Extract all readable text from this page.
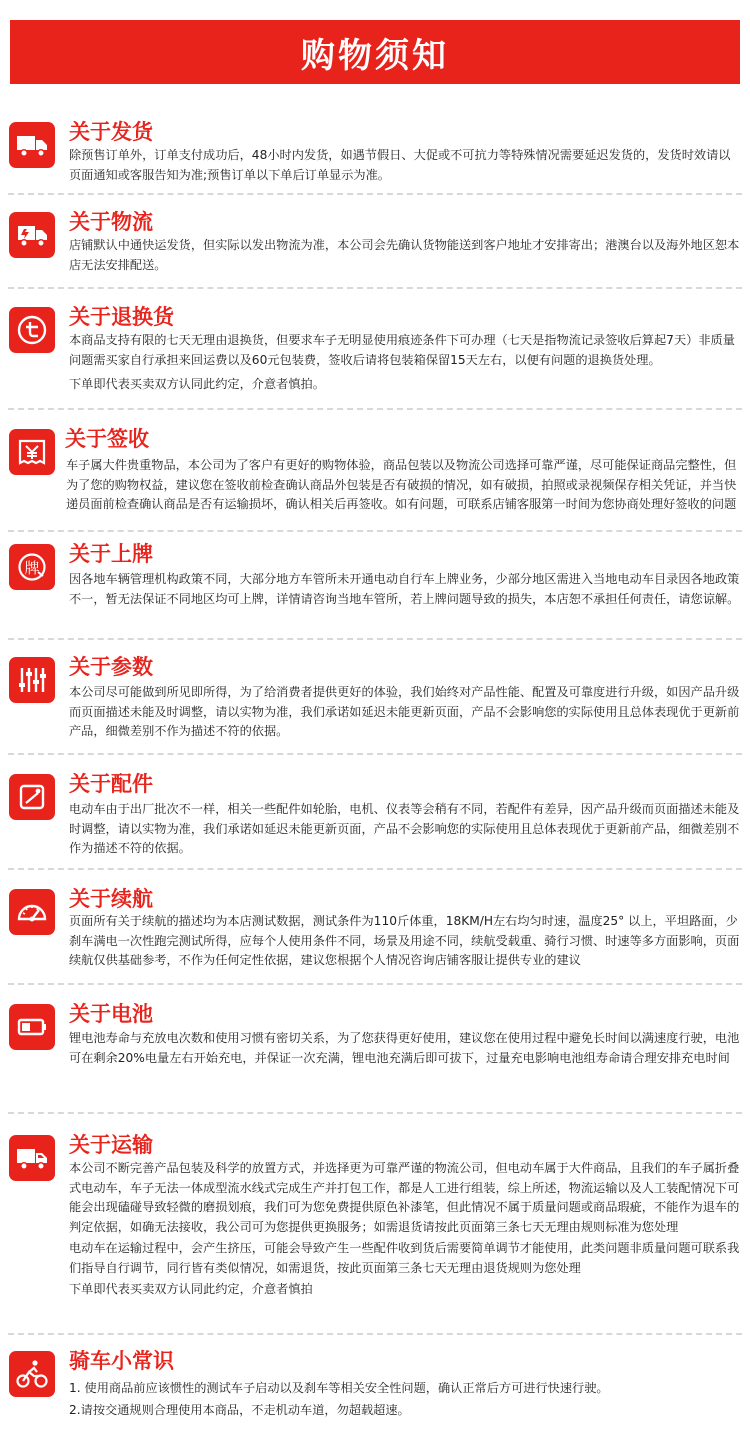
购物须知
关于发货

除预售订单外，订单支付成功后，48小时内发货，如遇节假日、大促或不可抗力等特殊情况需要延迟发货的，发货时效请以页面通知或客服告知为准;预售订单以下单后订单显示为准。

关于物流

店铺默认中通快运发货，但实际以发出物流为准，本公司会先确认货物能送到客户地址才安排寄出；港澳台以及海外地区恕本店无法安排配送。

关于退换货

本商品支持有限的七天无理由退换货，但要求车子无明显使用痕迹条件下可办理（七天是指物流记录签收后算起7天）非质量问题需买家自行承担来回运费以及60元包装费，签收后请将包装箱保留15天左右，以便有问题的退换货处理。

下单即代表买卖双方认同此约定，介意者慎拍。

关于签收

车子属大件贵重物品，本公司为了客户有更好的购物体验，商品包装以及物流公司选择可靠严谨，尽可能保证商品完整性，但为了您的购物权益，建议您在签收前检查确认商品外包装是否有破损的情况，如有破损，拍照或录视频保存相关凭证，并当快递员面前检查确认商品是否有运输损坏，确认相关后再签收。如有问题，可联系店铺客服第一时间为您协商处理好签收的问题

牌
关于上牌

因各地车辆管理机构政策不同，大部分地方车管所未开通电动自行车上牌业务，少部分地区需进入当地电动车目录因各地政策不一，暂无法保证不同地区均可上牌，详情请咨询当地车管所，若上牌问题导致的损失，本店恕不承担任何责任，请您谅解。

关于参数

本公司尽可能做到所见即所得，为了给消费者提供更好的体验，我们始终对产品性能、配置及可靠度进行升级，如因产品升级而页面描述未能及时调整，请以实物为准，我们承诺如延迟未能更新页面，产品不会影响您的实际使用且总体表现优于更新前产品，细微差别不作为描述不符的依据。

关于配件

电动车由于出厂批次不一样，相关一些配件如轮胎，电机、仪表等会稍有不同，若配件有差异，因产品升级而页面描述未能及时调整，请以实物为准，我们承诺如延迟未能更新页面，产品不会影响您的实际使用且总体表现优于更新前产品，细微差别不作为描述不符的依据。

关于续航

页面所有关于续航的描述均为本店测试数据，测试条件为110斤体重，18KM/H左右均匀时速，温度25° 以上，平坦路面，少刹车满电一次性跑完测试所得，应每个人使用条件不同，场景及用途不同，续航受载重、骑行习惯、时速等多方面影响，页面续航仅供基础参考，不作为任何定性依据，建议您根据个人情况咨询店铺客服让提供专业的建议

关于电池

锂电池寿命与充放电次数和使用习惯有密切关系，为了您获得更好使用，建议您在使用过程中避免长时间以满速度行驶，电池可在剩余20%电量左右开始充电，并保证一次充满，锂电池充满后即可拔下，过量充电影响电池组寿命请合理安排充电时间

关于运输

本公司不断完善产品包装及科学的放置方式，并选择更为可靠严谨的物流公司，但电动车属于大件商品，且我们的车子属折叠式电动车，车子无法一体成型流水线式完成生产并打包工作，都是人工进行组装，综上所述，物流运输以及人工装配情况下可能会出现磕碰导致轻微的磨损划痕，我们可为您免费提供原色补漆笔，但此情况不属于质量问题或商品瑕疵，不能作为退车的判定依据，如确无法接收，我公司可为您提供更换服务；如需退货请按此页面第三条七天无理由规则标准为您处理

电动车在运输过程中，会产生挤压，可能会导致产生一些配件收到货后需要简单调节才能使用，此类问题非质量问题可联系我们指导自行调节，同行皆有类似情况，如需退货，按此页面第三条七天无理由退货规则为您处理

下单即代表买卖双方认同此约定，介意者慎拍

骑车小常识

1. 使用商品前应该惯性的测试车子启动以及刹车等相关安全性问题，确认正常后方可进行快速行驶。

2.请按交通规则合理使用本商品，不走机动车道，勿超载超速。
